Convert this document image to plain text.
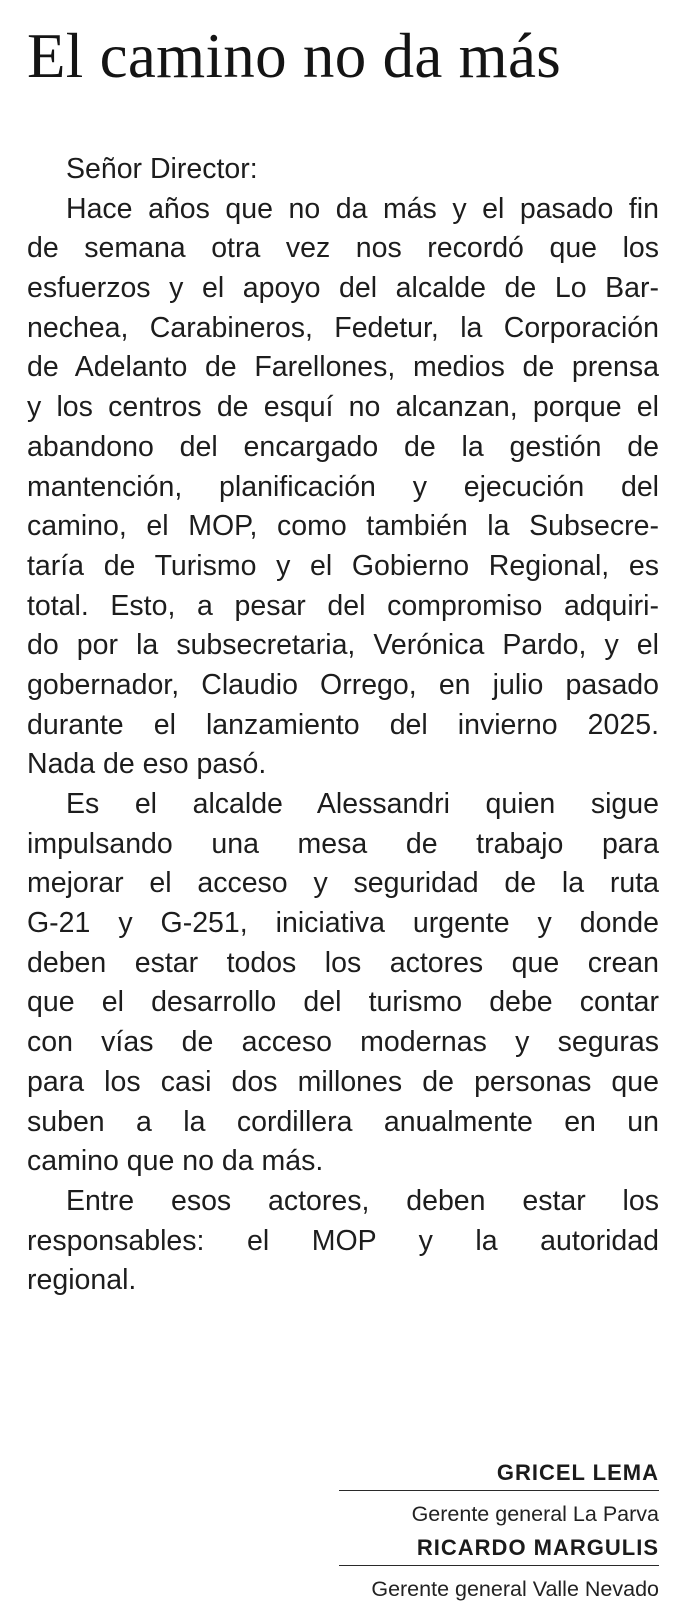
El camino no da más
Señor Director:
Hace años que no da más y el pasado fin
de semana otra vez nos recordó que los
esfuerzos y el apoyo del alcalde de Lo Bar-
nechea, Carabineros, Fedetur, la Corporación
de Adelanto de Farellones, medios de prensa
y los centros de esquí no alcanzan, porque el
abandono del encargado de la gestión de
mantención, planificación y ejecución del
camino, el MOP, como también la Subsecre-
taría de Turismo y el Gobierno Regional, es
total. Esto, a pesar del compromiso adquiri-
do por la subsecretaria, Verónica Pardo, y el
gobernador, Claudio Orrego, en julio pasado
durante el lanzamiento del invierno 2025.
Nada de eso pasó.
Es el alcalde Alessandri quien sigue
impulsando una mesa de trabajo para
mejorar el acceso y seguridad de la ruta
G-21 y G-251, iniciativa urgente y donde
deben estar todos los actores que crean
que el desarrollo del turismo debe contar
con vías de acceso modernas y seguras
para los casi dos millones de personas que
suben a la cordillera anualmente en un
camino que no da más.
Entre esos actores, deben estar los
responsables: el MOP y la autoridad
regional.
GRICEL LEMA
Gerente general La Parva
RICARDO MARGULIS
Gerente general Valle Nevado
